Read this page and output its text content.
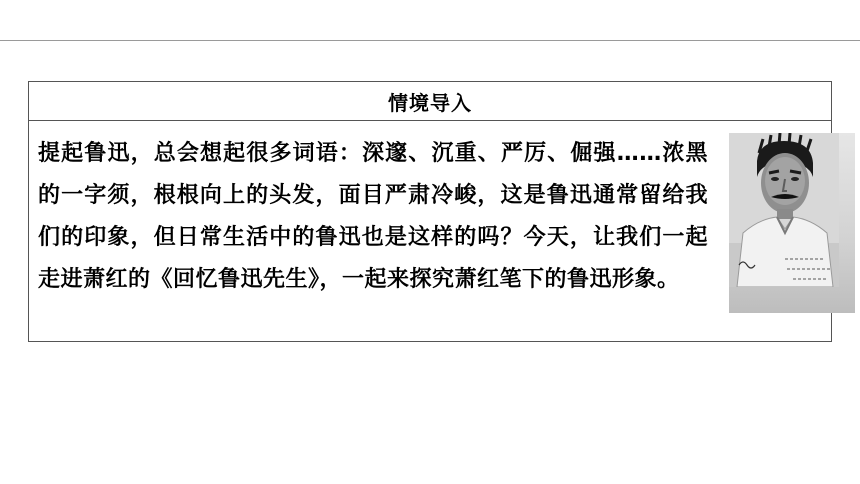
情境导入
提起鲁迅，总会想起很多词语：深邃、沉重、严厉、倔强……浓黑的一字须，根根向上的头发，面目严肃冷峻，这是鲁迅通常留给我们的印象，但日常生活中的鲁迅也是这样的吗？今天，让我们一起走进萧红的《回忆鲁迅先生》，一起来探究萧红笔下的鲁迅形象。
